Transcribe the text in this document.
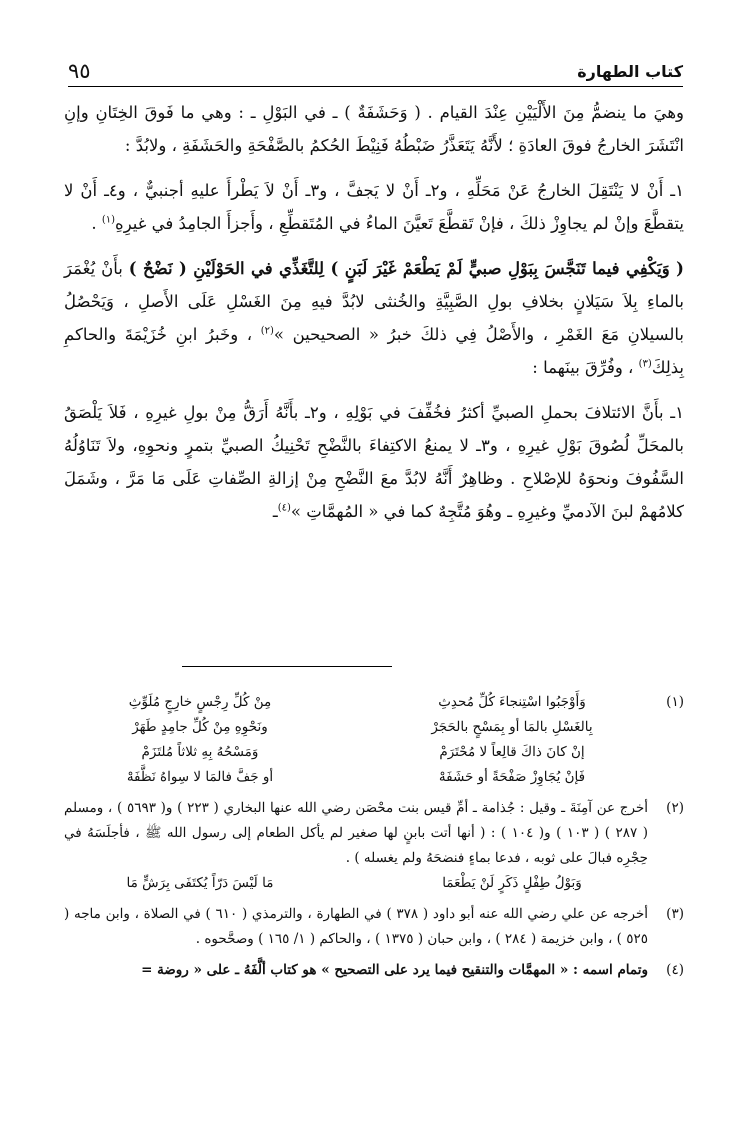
كتاب الطهارة
٩٥

وهيَ ما ينضمُّ مِنَ الأَلْيَيْنِ عِنْدَ القيام . ( وَحَشَفَةٌ ) ـ في البَوْلِ ـ : وهي ما فَوقَ الخِتَانِ وإنِ انْتَشَرَ الخارجُ فوقَ العادَةِ ؛ لأَنَّهُ يَتَعَذَّرُ ضَبْطُهُ فَنِيْطَ الحُكمُ بالصَّفْحَةِ والحَشَفَةِ ، ولابُدَّ :

١ـ أَنْ لا يَنْتَقِلَ الخارجُ عَنْ مَحَلِّهِ ، و٢ـ أَنْ لا يَجفَّ ، و٣ـ أَنْ لاَ يَطْرأَ عليهِ أجنبيٌّ ، و٤ـ أَنْ لا يتقطَّعَ وإنْ لم يجاوِزْ ذلكَ ، فإنْ تَقطَّعَ تَعيَّنَ الماءُ في المُتَقطِّعِ ، وأَجزأَ الجامِدُ في غيرِهِ$^{(١)}$ .

( وَيَكْفِي فيما تَنَجَّسَ بِبَوْلِ صبيٍّ لَمْ يَطْعَمْ غَيْرَ لَبَنٍ ) لِلتَّغَذِّي في الحَوْلَيْنِ ( نَضْحٌ ) بأَنْ يُغْمَرَ بالماءِ بِلاَ سَيَلانٍ بخلافِ بولِ الصَّبِيَّةِ والخُنثى لابُدَّ فيهِ مِنَ الغَسْلِ عَلَى الأَصلِ ، وَيَحْصُلُ بالسيلانِ مَعَ الغَمْرِ ، والأَصْلُ فِي ذلكَ خبرُ « الصحيحين »$^{(٢)}$ ، وخَبرُ ابنِ خُزَيْمَةَ والحاكمِ بِذلِكَ$^{(٣)}$ ، وفُرِّقَ بينَهما :

١ـ بأَنَّ الائتلافَ بحملِ الصبيِّ أكثرُ فخُفِّفَ في بَوْلِهِ ، و٢ـ بأَنَّهُ أَرَقُّ مِنْ بولِ غيرِهِ ، فَلاَ يَلْصَقُ بالمحَلِّ لُصُوقَ بَوْلِ غيرِهِ ، و٣ـ لا يمنعُ الاكتِفاءَ بالنَّضْحِ تَحْنِيكُ الصبيِّ بتمرٍ ونحوِهِ، ولاَ تَنَاوُلُهُ السَّفُوفَ ونحوَهُ للإصْلاحِ . وظاهِرٌ أَنَّهُ لابُدَّ معَ النَّضْحِ مِنْ إزالةِ الصِّفاتِ عَلَى مَا مَرَّ ، وشَمَلَ كلامُهمْ لبنَ الآدميِّ وغيرِهِ ـ وهُوَ مُتَّجِهٌ كما في « المُهمَّاتِ »$^{(٤)}$ـ

(١)
وَأَوْجَبُوا اسْتِنجاءَ كُلِّ مُحدِثِ
مِنْ كُلِّ رِجْسٍ خارِجٍ مُلَوِّثِ
بِالغَسْلِ بالمَا أو بِمَسْحٍ بالحَجَرْ
ونَحْوِهِ مِنْ كُلِّ جامِدٍ طَهَرْ
إنْ كانَ ذاكَ قالِعاً لا مُحْتَرَمْ
وَمَسْحُهُ بِهِ ثلاثاً مُلتَزَمْ
فَإنْ يُجَاوِزْ صَفْحَةً أو حَشَفَهْ
أو جَفَّ فالمَا لا سِواهُ نَظَّفَهْ
(٢)
أخرج عن آمِنَةَ ـ وقيل : جُذامة ـ أمِّ قيس بنت محْصَن رضي الله عنها البخاري ( ٢٢٣ ) و( ٥٦٩٣ ) ، ومسلم ( ٢٨٧ ) ( ١٠٣ ) و( ١٠٤ ) : ( أنها أتت بابنٍ لها صغير لم يأكل الطعام إلى رسول الله ﷺ ، فأجلَسَهُ في حِجْرِه فبالَ على ثوبه ، فدعا بماءٍ فنضحَهُ ولم يغسله ) .
وَبَوْلُ طِفْلٍ ذَكَرٍ لَنْ يَطْعَمَا
مَا لَيْسَ دَرّاً يُكتَفَى بِرَشٍّ مَا
(٣)
أخرجه عن علي رضي الله عنه أبو داود ( ٣٧٨ ) في الطهارة ، والترمذي ( ٦١٠ ) في الصلاة ، وابن ماجه ( ٥٢٥ ) ، وابن خزيمة ( ٢٨٤ ) ، وابن حبان ( ١٣٧٥ ) ، والحاكم ( ١/ ١٦٥ ) وصحَّحوه .
(٤)
وتمام اسمه : « المهمَّات والتنقيح فيما يرد على التصحيح » هو كتاب ألَّفَهُ ـ على « روضة =
